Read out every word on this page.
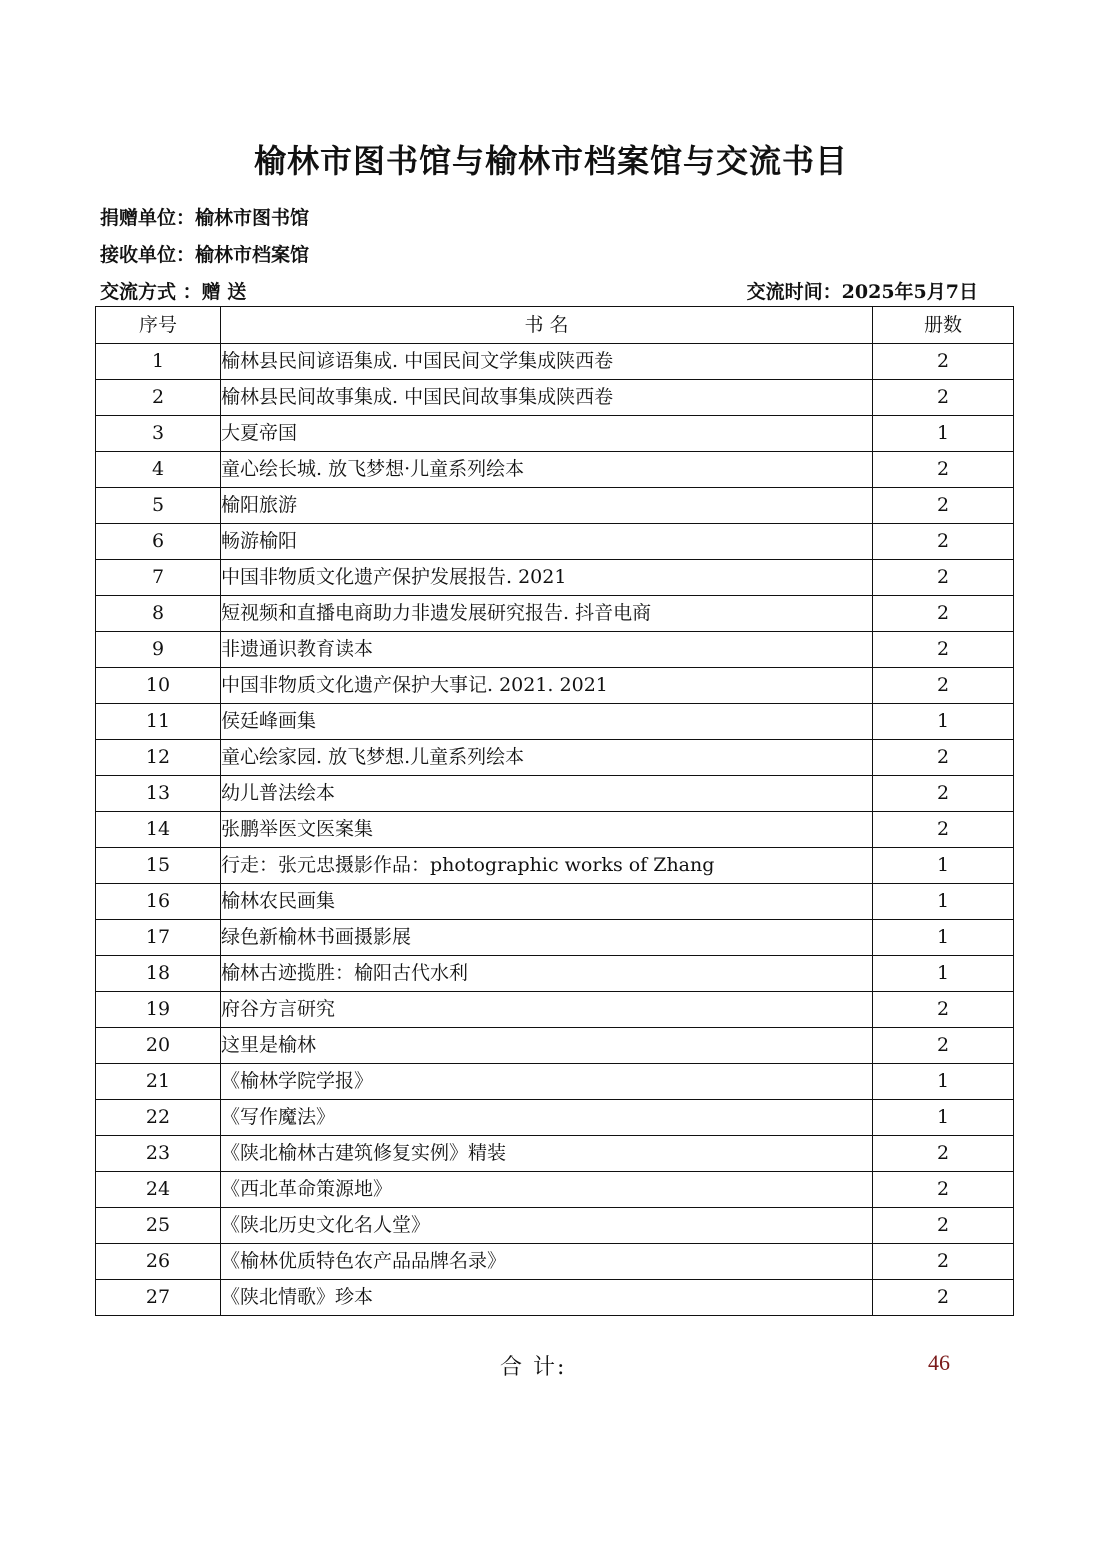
榆林市图书馆与榆林市档案馆与交流书目
捐赠单位：榆林市图书馆
接收单位：榆林市档案馆
交流方式 ：赠 送	交流时间：2025年5月7日
序号	书 名	册数
1	榆林县民间谚语集成. 中国民间文学集成陕西卷	2
2	榆林县民间故事集成. 中国民间故事集成陕西卷	2
3	大夏帝国	1
4	童心绘长城. 放飞梦想·儿童系列绘本	2
5	榆阳旅游	2
6	畅游榆阳	2
7	中国非物质文化遗产保护发展报告. 2021	2
8	短视频和直播电商助力非遗发展研究报告. 抖音电商	2
9	非遗通识教育读本	2
10	中国非物质文化遗产保护大事记. 2021. 2021	2
11	侯廷峰画集	1
12	童心绘家园. 放飞梦想.儿童系列绘本	2
13	幼儿普法绘本	2
14	张鹏举医文医案集	2
15	行走：张元忠摄影作品：photographic works of Zhang	1
16	榆林农民画集	1
17	绿色新榆林书画摄影展	1
18	榆林古迹揽胜：榆阳古代水利	1
19	府谷方言研究	2
20	这里是榆林	2
21	《榆林学院学报》	1
22	《写作魔法》	1
23	《陕北榆林古建筑修复实例》精装	2
24	《西北革命策源地》	2
25	《陕北历史文化名人堂》	2
26	《榆林优质特色农产品品牌名录》	2
27	《陕北情歌》珍本	2
合 计:	46
